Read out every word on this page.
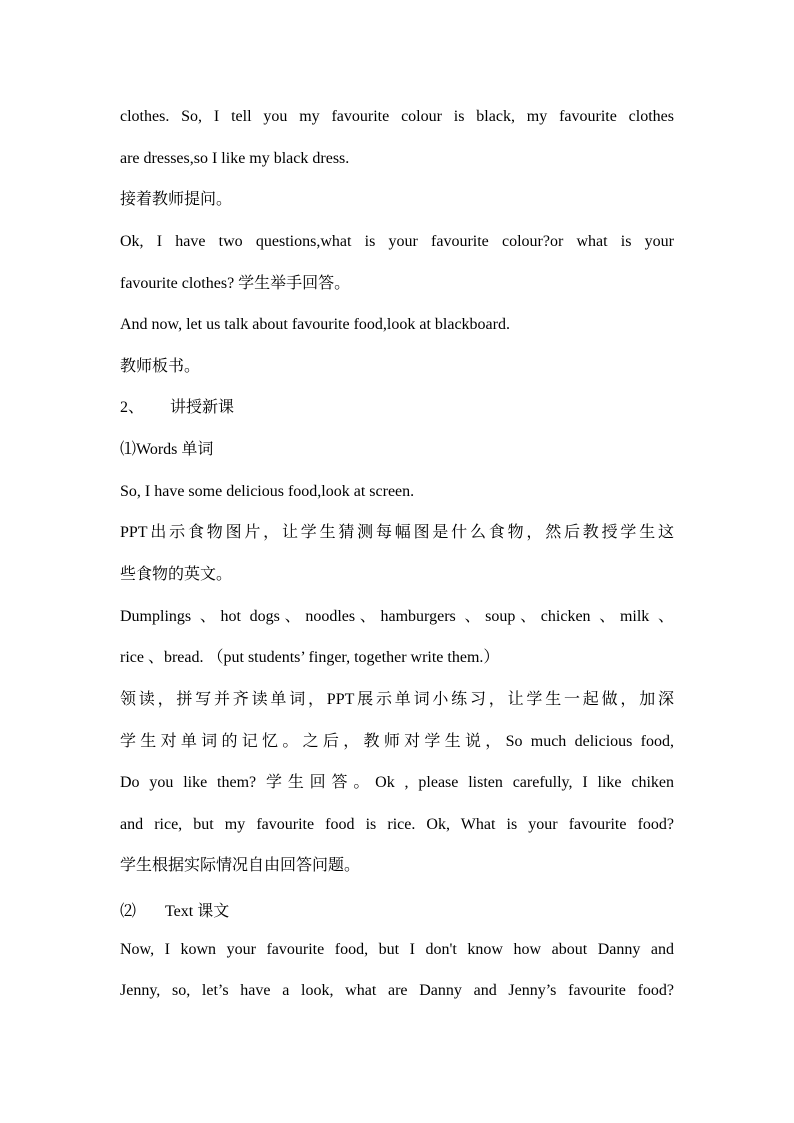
clothes. So, I tell you my favourite colour is black, my favourite clothes
are dresses,so I like my black dress.
接着教师提问。
Ok, I have two questions,what is your favourite colour?or what is your
favourite clothes? 学生举手回答。
And now, let us talk about favourite food,look at blackboard.
教师板书。
2、 讲授新课
⑴Words 单词
So, I have some delicious food,look at screen.
PPT出示食物图片，让学生猜测每幅图是什么食物，然后教授学生这
些食物的英文。
Dumplings 、hot dogs、noodles、hamburgers 、soup、chicken 、milk 、
rice 、bread. （put students’ finger, together write them.）
领读，拼写并齐读单词，PPT展示单词小练习，让学生一起做，加深
学生对单词的记忆。之后，教师对学生说，So much delicious food,
Do you like them? 学生回答。Ok , please listen carefully, I like chiken
and rice, but my favourite food is rice. Ok, What is your favourite food?
学生根据实际情况自由回答问题。
⑵ Text 课文
Now, I kown your favourite food, but I don't know how about Danny and
Jenny, so, let’s have a look, what are Danny and Jenny’s favourite food?
